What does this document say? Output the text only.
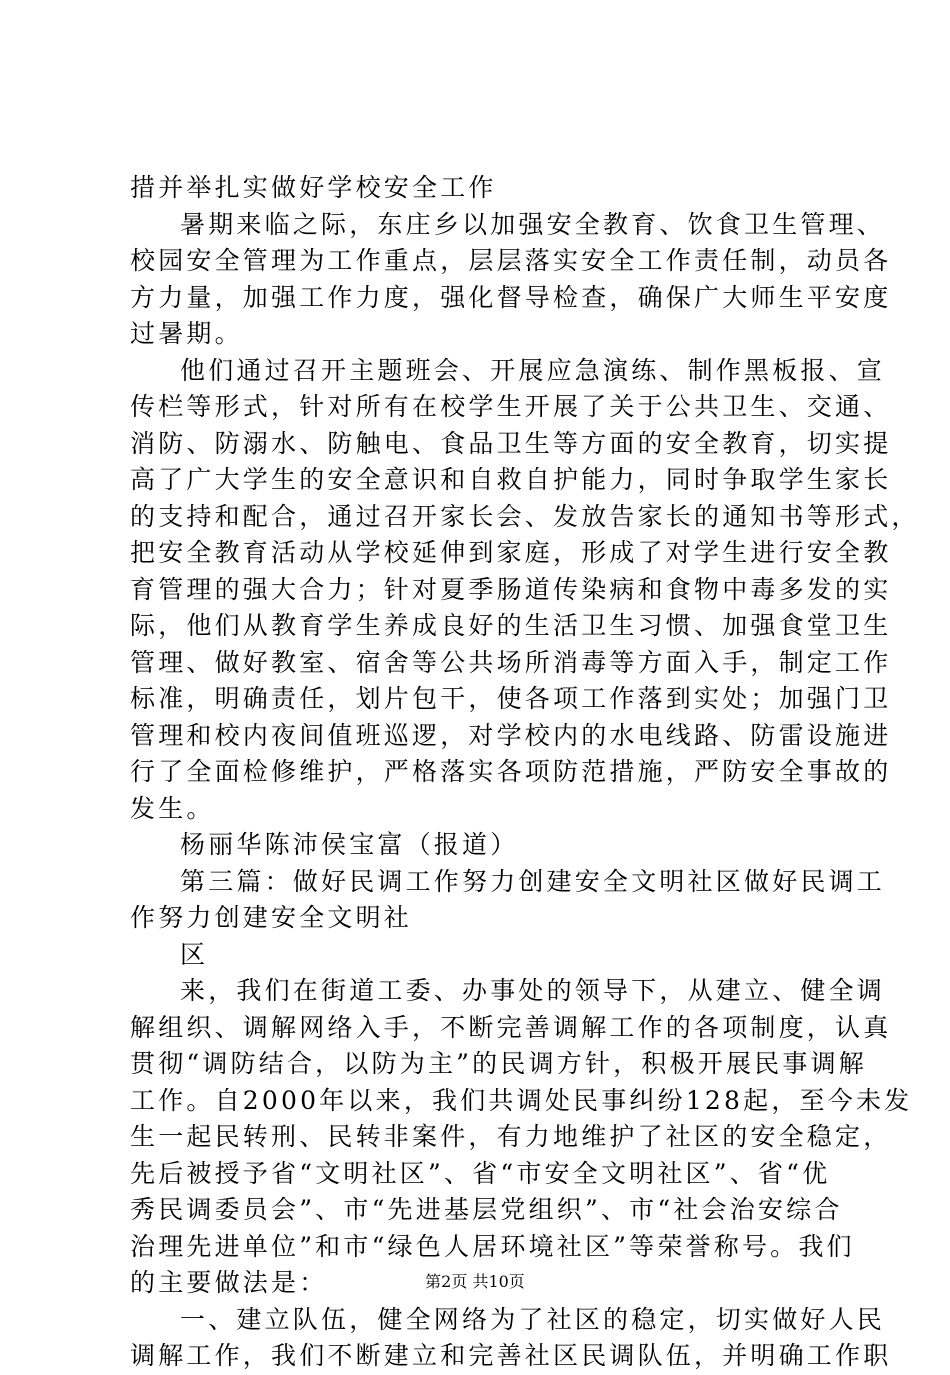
措并举扎实做好学校安全工作
暑期来临之际，东庄乡以加强安全教育、饮食卫生管理、
校园安全管理为工作重点，层层落实安全工作责任制，动员各
方力量，加强工作力度，强化督导检查，确保广大师生平安度
过暑期。
他们通过召开主题班会、开展应急演练、制作黑板报、宣
传栏等形式，针对所有在校学生开展了关于公共卫生、交通、
消防、防溺水、防触电、食品卫生等方面的安全教育，切实提
高了广大学生的安全意识和自救自护能力，同时争取学生家长
的支持和配合，通过召开家长会、发放告家长的通知书等形式，
把安全教育活动从学校延伸到家庭，形成了对学生进行安全教
育管理的强大合力；针对夏季肠道传染病和食物中毒多发的实
际，他们从教育学生养成良好的生活卫生习惯、加强食堂卫生
管理、做好教室、宿舍等公共场所消毒等方面入手，制定工作
标准，明确责任，划片包干，使各项工作落到实处；加强门卫
管理和校内夜间值班巡逻，对学校内的水电线路、防雷设施进
行了全面检修维护，严格落实各项防范措施，严防安全事故的
发生。
杨丽华陈沛侯宝富（报道）
第三篇：做好民调工作努力创建安全文明社区做好民调工
作努力创建安全文明社
区
来，我们在街道工委、办事处的领导下，从建立、健全调
解组织、调解网络入手，不断完善调解工作的各项制度，认真
贯彻“调防结合，以防为主”的民调方针，积极开展民事调解
工作。自2000年以来，我们共调处民事纠纷128起，至今未发
生一起民转刑、民转非案件，有力地维护了社区的安全稳定，
先后被授予省“文明社区”、省“市安全文明社区”、省“优
秀民调委员会”、市“先进基层党组织”、市“社会治安综合
治理先进单位”和市“绿色人居环境社区”等荣誉称号。我们
的主要做法是：
一、建立队伍，健全网络为了社区的稳定，切实做好人民
调解工作，我们不断建立和完善社区民调队伍，并明确工作职
第2页 共10页
